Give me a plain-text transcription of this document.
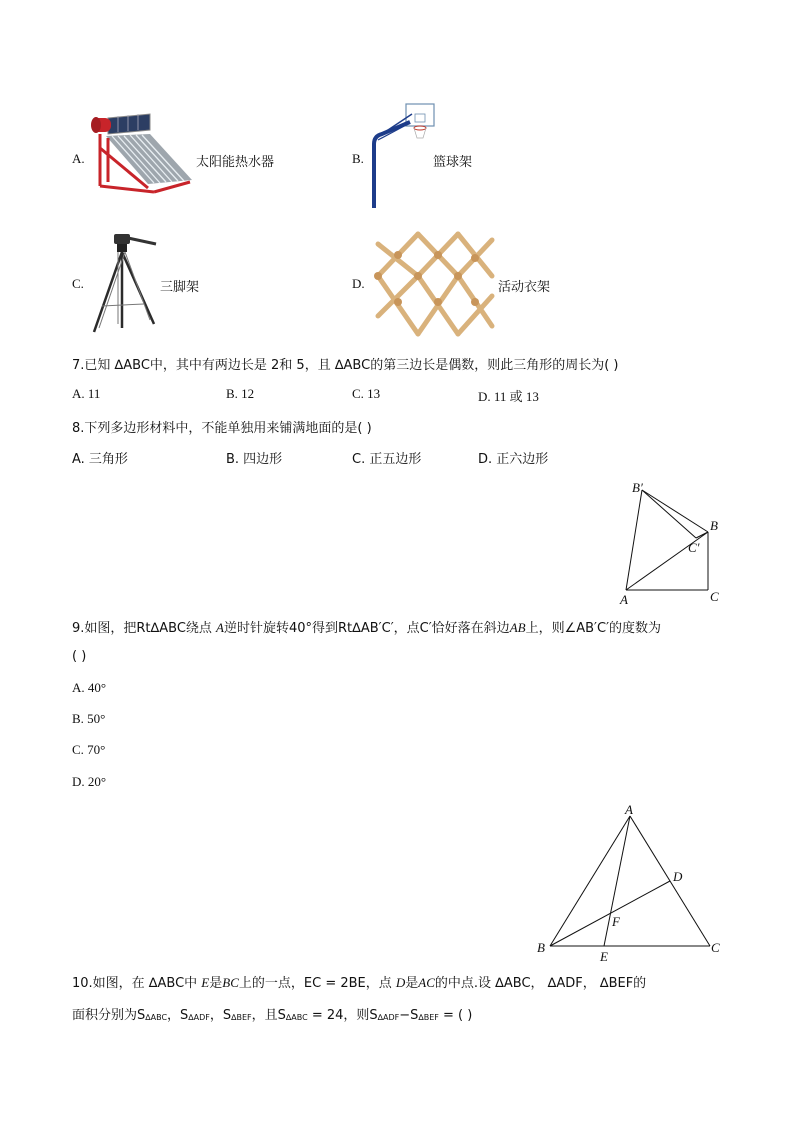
A.	太阳能热水器	B.	篮球架
C.	三脚架	D.	活动衣架
7.已知 ∆ABC中，其中有两边长是 2和 5，且 ∆ABC的第三边长是偶数，则此三角形的周长为( )
A. 11	B. 12	C. 13	D. 11 或 13
8.下列多边形材料中，不能单独用来铺满地面的是( )
A. 三角形	B. 四边形	C. 正五边形	D. 正六边形
B′
B
C′
A	C
9.如图，把Rt∆ABC绕点 A逆时针旋转40°得到Rt∆AB′C′，点C′恰好落在斜边AB上，则∠AB′C′的度数为
( )
A. 40°
B. 50°
C. 70°
D. 20°
A
D
F
B
E
C
10.如图，在 ∆ABC中 E是BC上的一点，EC = 2BE，点 D是AC的中点.设 ∆ABC， ∆ADF， ∆BEF的
面积分别为S∆ABC，S∆ADF，S∆BEF，且S∆ABC = 24，则S∆ADF−S∆BEF = ( )
